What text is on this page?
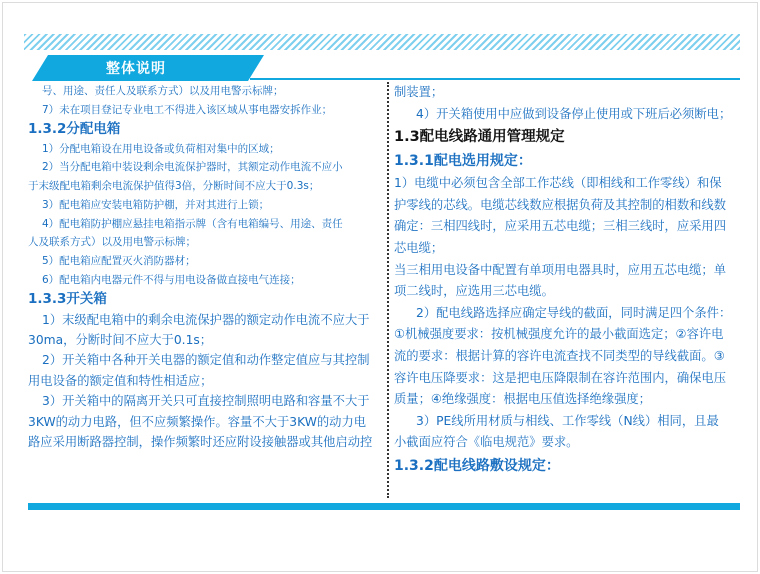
整体说明
号、用途、责任人及联系方式）以及用电警示标牌；
7）未在项目登记专业电工不得进入该区域从事电器安拆作业；
1.3.2分配电箱
1）分配电箱设在用电设备或负荷相对集中的区域；
2）当分配电箱中装设剩余电流保护器时，其额定动作电流不应小
于末级配电箱剩余电流保护值得3倍，分断时间不应大于0.3s；
3）配电箱应安装电箱防护棚，并对其进行上锁；
4）配电箱防护棚应悬挂电箱指示牌（含有电箱编号、用途、责任
人及联系方式）以及用电警示标牌；
5）配电箱应配置灭火消防器材；
6）配电箱内电器元件不得与用电设备做直接电气连接；
1.3.3开关箱
1）末级配电箱中的剩余电流保护器的额定动作电流不应大于
30ma，分断时间不应大于0.1s；
2）开关箱中各种开关电器的额定值和动作整定值应与其控制
用电设备的额定值和特性相适应；
3）开关箱中的隔离开关只可直接控制照明电路和容量不大于
3KW的动力电路，但不应频繁操作。容量不大于3KW的动力电
路应采用断路器控制，操作频繁时还应附设接触器或其他启动控
制装置；
4）开关箱使用中应做到设备停止使用或下班后必须断电；
1.3配电线路通用管理规定
1.3.1配电选用规定：
1）电缆中必须包含全部工作芯线（即相线和工作零线）和保
护零线的芯线。电缆芯线数应根据负荷及其控制的相数和线数
确定：三相四线时，应采用五芯电缆；三相三线时，应采用四
芯电缆；
当三相用电设备中配置有单项用电器具时，应用五芯电缆；单
项二线时，应选用三芯电缆。
2）配电线路选择应确定导线的截面，同时满足四个条件：
①机械强度要求：按机械强度允许的最小截面选定；②容许电
流的要求：根据计算的容许电流查找不同类型的导线截面。③
容许电压降要求：这是把电压降限制在容许范围内，确保电压
质量；④绝缘强度：根据电压值选择绝缘强度；
3）PE线所用材质与相线、工作零线（N线）相同，且最
小截面应符合《临电规范》要求。
1.3.2配电线路敷设规定：
